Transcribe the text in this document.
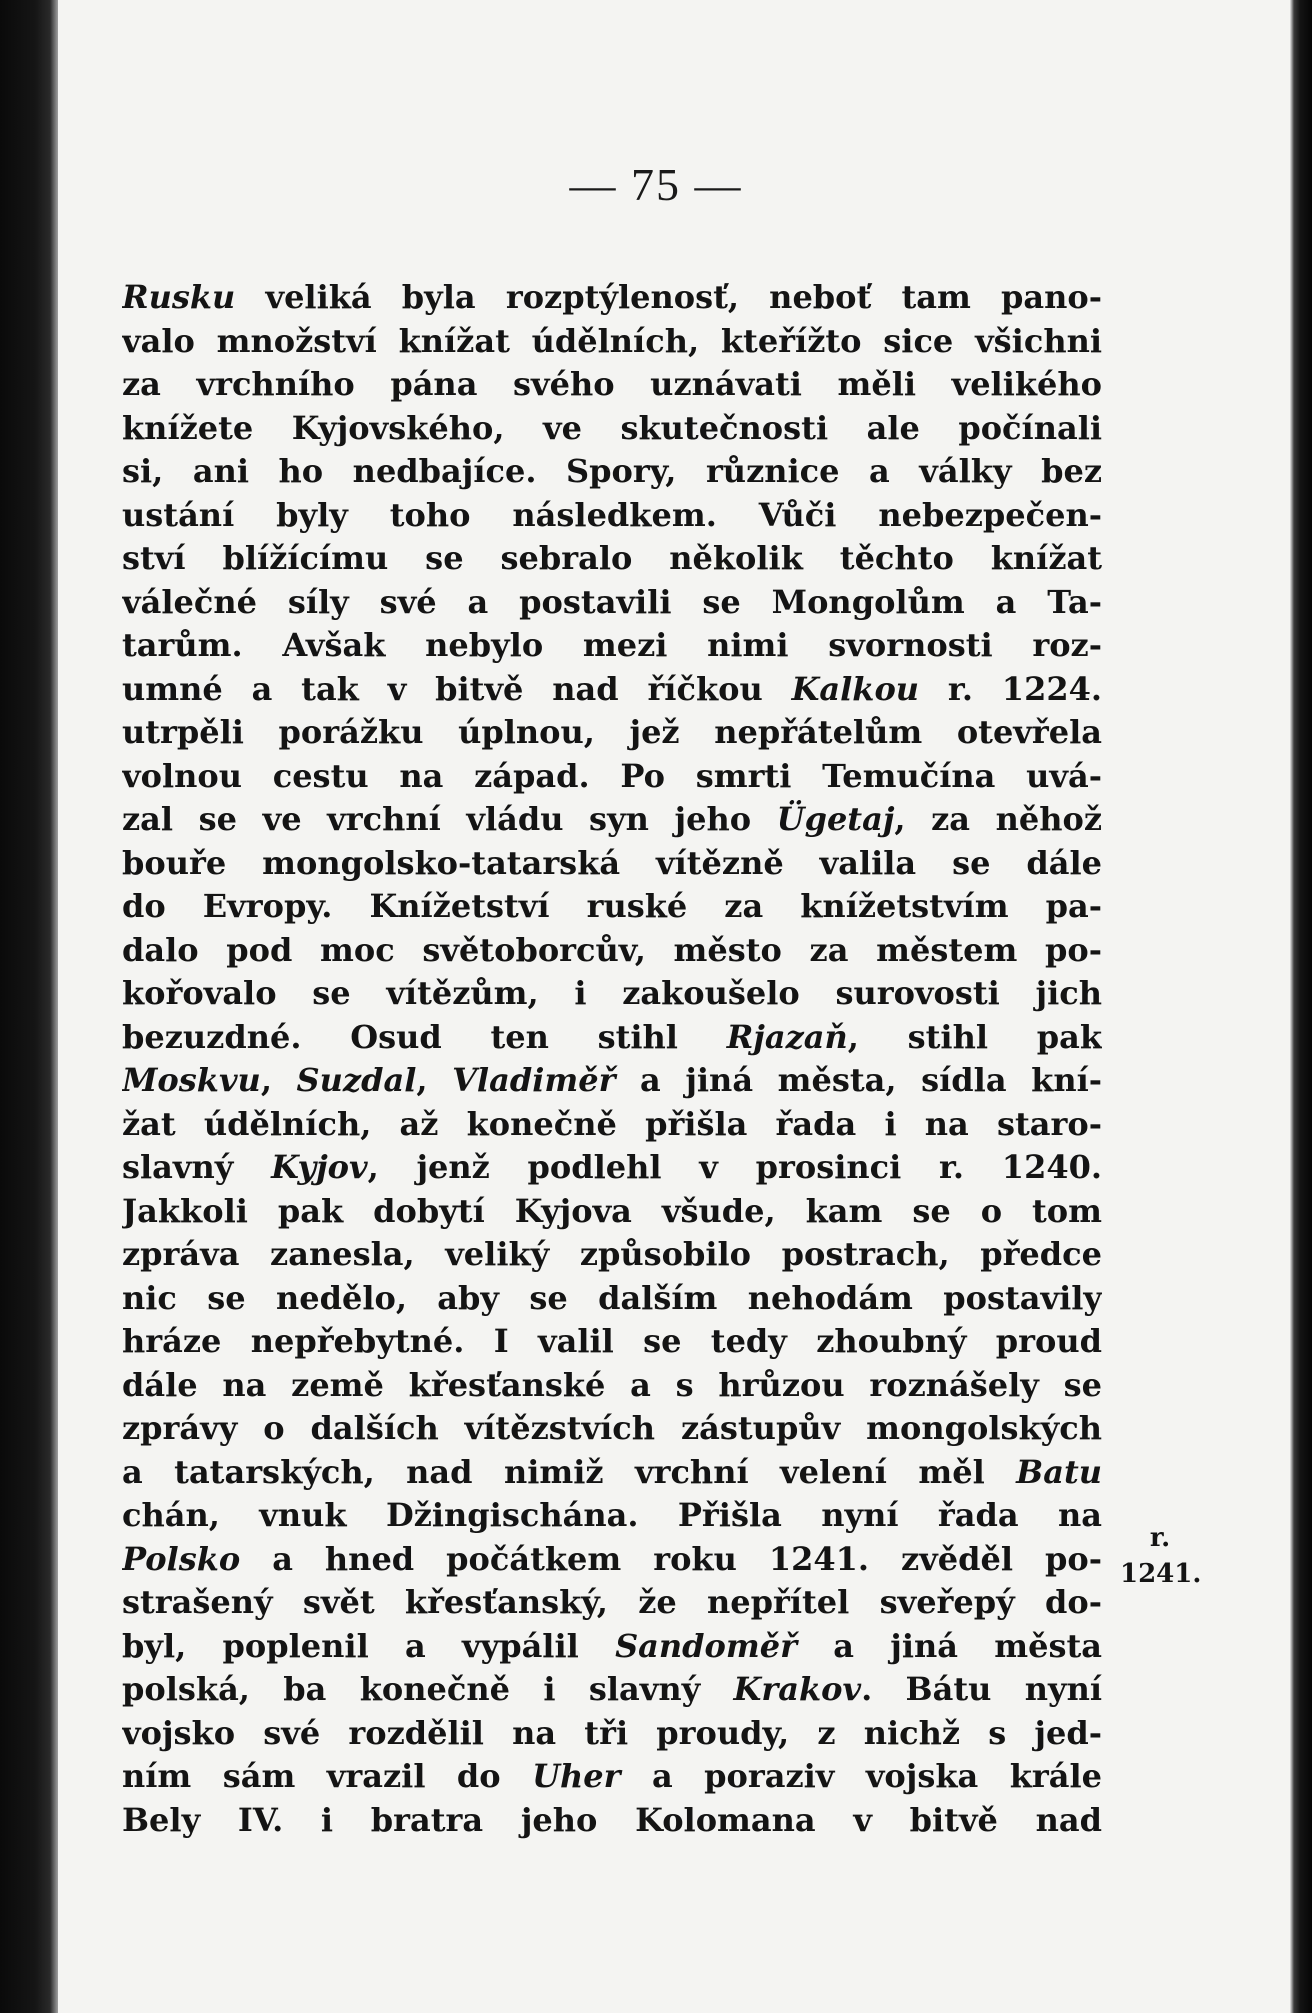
— 75 —
Rusku veliká byla rozptýlenosť, neboť tam pano-
valo množství knížat údělních, kteřížto sice všichni
za vrchního pána svého uznávati měli velikého
knížete Kyjovského, ve skutečnosti ale počínali
si, ani ho nedbajíce. Spory, různice a války bez
ustání byly toho následkem. Vůči nebezpečen-
ství blížícímu se sebralo několik těchto knížat
válečné síly své a postavili se Mongolům a Ta-
tarům. Avšak nebylo mezi nimi svornosti roz-
umné a tak v bitvě nad říčkou Kalkou r. 1224.
utrpěli porážku úplnou, jež nepřátelům otevřela
volnou cestu na západ. Po smrti Temučína uvá-
zal se ve vrchní vládu syn jeho Ügetaj, za něhož
bouře mongolsko-tatarská vítězně valila se dále
do Evropy. Knížetství ruské za knížetstvím pa-
dalo pod moc světoborcův, město za městem po-
kořovalo se vítězům, i zakoušelo surovosti jich
bezuzdné. Osud ten stihl Rjazaň, stihl pak
Moskvu, Suzdal, Vladiměř a jiná města, sídla kní-
žat údělních, až konečně přišla řada i na staro-
slavný Kyjov, jenž podlehl v prosinci r. 1240.
Jakkoli pak dobytí Kyjova všude, kam se o tom
zpráva zanesla, veliký způsobilo postrach, předce
nic se nedělo, aby se dalším nehodám postavily
hráze nepřebytné. I valil se tedy zhoubný proud
dále na země křesťanské a s hrůzou roznášely se
zprávy o dalších vítězstvích zástupův mongolských
a tatarských, nad nimiž vrchní velení měl Batu
chán, vnuk Džingischána. Přišla nyní řada na
Polsko a hned počátkem roku 1241. zvěděl po-
strašený svět křesťanský, že nepřítel sveřepý do-
byl, poplenil a vypálil Sandoměř a jiná města
polská, ba konečně i slavný Krakov. Bátu nyní
vojsko své rozdělil na tři proudy, z nichž s jed-
ním sám vrazil do Uher a poraziv vojska krále
Bely IV. i bratra jeho Kolomana v bitvě nad
r.
1241.
